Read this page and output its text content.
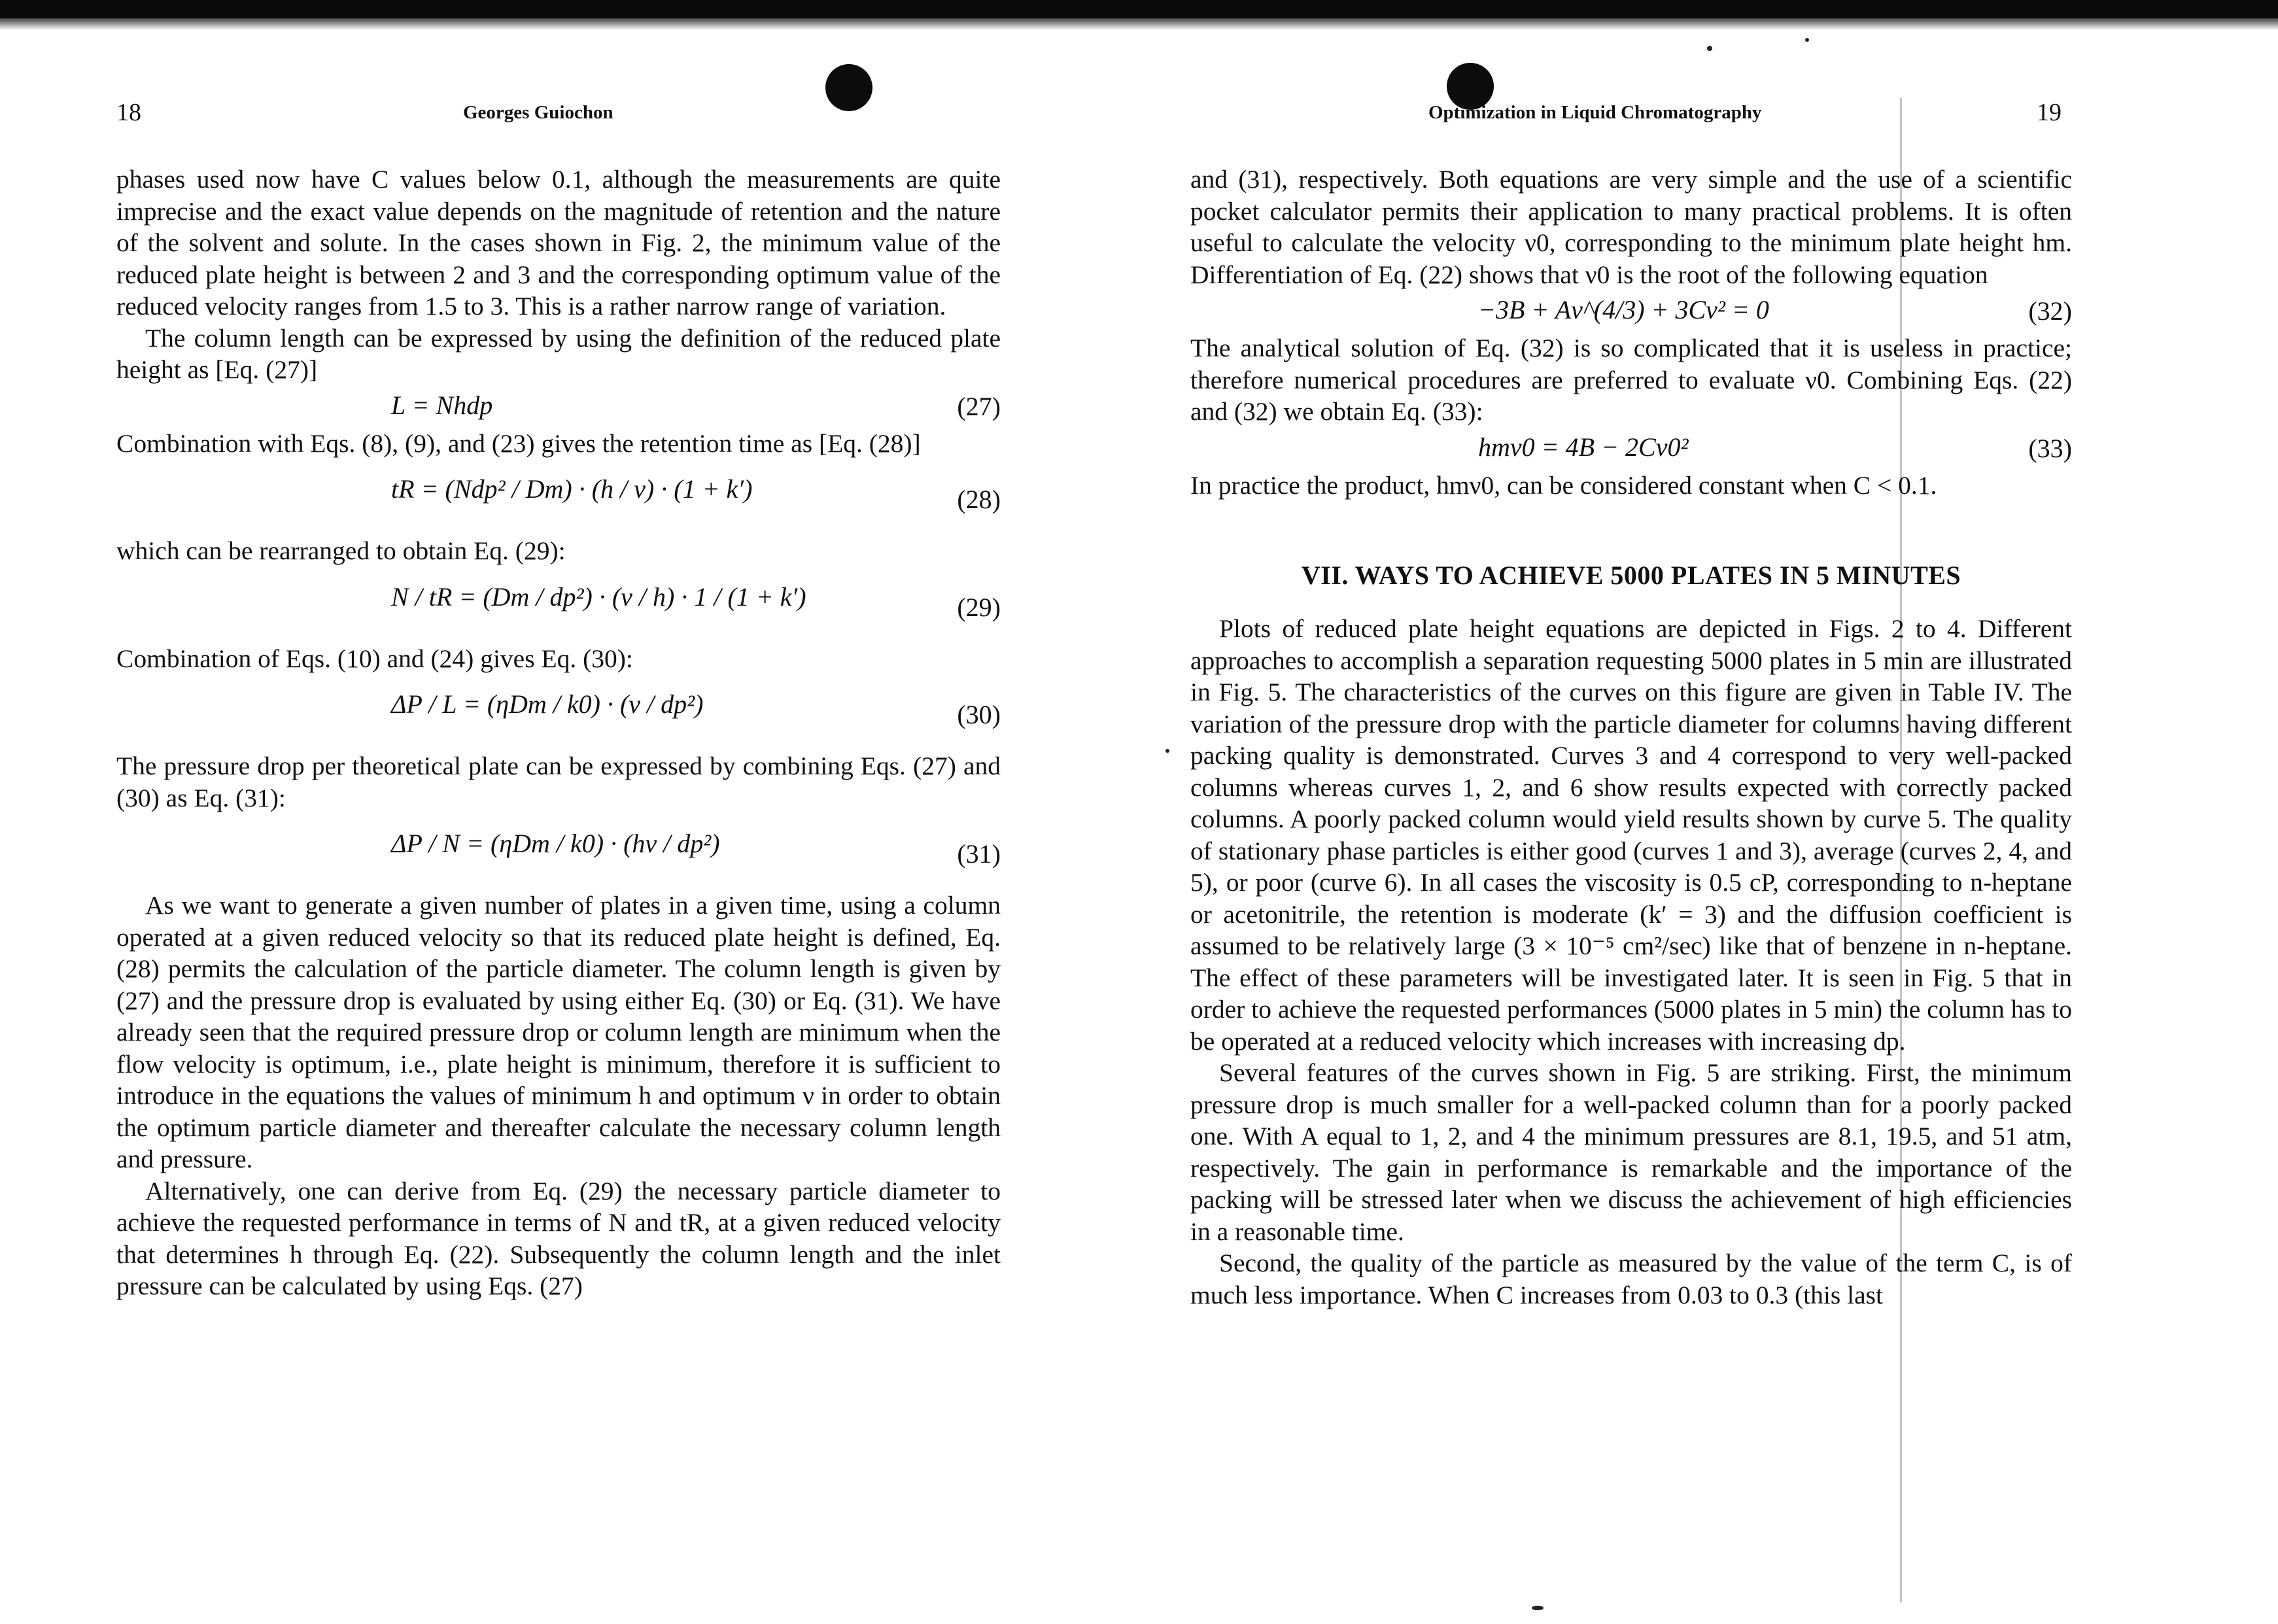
18	Georges Guiochon

phases used now have C values below 0.1, although the measurements are quite imprecise and the exact value depends on the magnitude of retention and the nature of the solvent and solute. In the cases shown in Fig. 2, the minimum value of the reduced plate height is between 2 and 3 and the corresponding optimum value of the reduced velocity ranges from 1.5 to 3. This is a rather narrow range of variation.

The column length can be expressed by using the definition of the reduced plate height as [Eq. (27)]

L = Nhdp	(27)

Combination with Eqs. (8), (9), and (23) gives the retention time as [Eq. (28)]

tR = (Ndp² / Dm) · (h / ν) · (1 + k′)	(28)

which can be rearranged to obtain Eq. (29):

N / tR = (Dm / dp²) · (ν / h) · 1 / (1 + k′)	(29)

Combination of Eqs. (10) and (24) gives Eq. (30):

ΔP / L = (ηDm / k0) · (ν / dp²)	(30)

The pressure drop per theoretical plate can be expressed by combining Eqs. (27) and (30) as Eq. (31):

ΔP / N = (ηDm / k0) · (hν / dp²)	(31)

As we want to generate a given number of plates in a given time, using a column operated at a given reduced velocity so that its reduced plate height is defined, Eq. (28) permits the calculation of the particle diameter. The column length is given by (27) and the pressure drop is evaluated by using either Eq. (30) or Eq. (31). We have already seen that the required pressure drop or column length are minimum when the flow velocity is optimum, i.e., plate height is minimum, therefore it is sufficient to introduce in the equations the values of minimum h and optimum ν in order to obtain the optimum particle diameter and thereafter calculate the necessary column length and pressure.

Alternatively, one can derive from Eq. (29) the necessary particle diameter to achieve the requested performance in terms of N and tR, at a given reduced velocity that determines h through Eq. (22). Subsequently the column length and the inlet pressure can be calculated by using Eqs. (27)

Optimization in Liquid Chromatography	19

and (31), respectively. Both equations are very simple and the use of a scientific pocket calculator permits their application to many practical problems. It is often useful to calculate the velocity ν0, corresponding to the minimum plate height hm. Differentiation of Eq. (22) shows that ν0 is the root of the following equation

−3B + Aν^(4/3) + 3Cν² = 0	(32)

The analytical solution of Eq. (32) is so complicated that it is useless in practice; therefore numerical procedures are preferred to evaluate ν0. Combining Eqs. (22) and (32) we obtain Eq. (33):

hmν0 = 4B − 2Cν0²	(33)

In practice the product, hmν0, can be considered constant when C < 0.1.

VII. WAYS TO ACHIEVE 5000 PLATES IN 5 MINUTES

Plots of reduced plate height equations are depicted in Figs. 2 to 4. Different approaches to accomplish a separation requesting 5000 plates in 5 min are illustrated in Fig. 5. The characteristics of the curves on this figure are given in Table IV. The variation of the pressure drop with the particle diameter for columns having different packing quality is demonstrated. Curves 3 and 4 correspond to very well-packed columns whereas curves 1, 2, and 6 show results expected with correctly packed columns. A poorly packed column would yield results shown by curve 5. The quality of stationary phase particles is either good (curves 1 and 3), average (curves 2, 4, and 5), or poor (curve 6). In all cases the viscosity is 0.5 cP, corresponding to n-heptane or acetonitrile, the retention is moderate (k′ = 3) and the diffusion coefficient is assumed to be relatively large (3 × 10⁻⁵ cm²/sec) like that of benzene in n-heptane. The effect of these parameters will be investigated later. It is seen in Fig. 5 that in order to achieve the requested performances (5000 plates in 5 min) the column has to be operated at a reduced velocity which increases with increasing dp.

Several features of the curves shown in Fig. 5 are striking. First, the minimum pressure drop is much smaller for a well-packed column than for a poorly packed one. With A equal to 1, 2, and 4 the minimum pressures are 8.1, 19.5, and 51 atm, respectively. The gain in performance is remarkable and the importance of the packing will be stressed later when we discuss the achievement of high efficiencies in a reasonable time.

Second, the quality of the particle as measured by the value of the term C, is of much less importance. When C increases from 0.03 to 0.3 (this last
